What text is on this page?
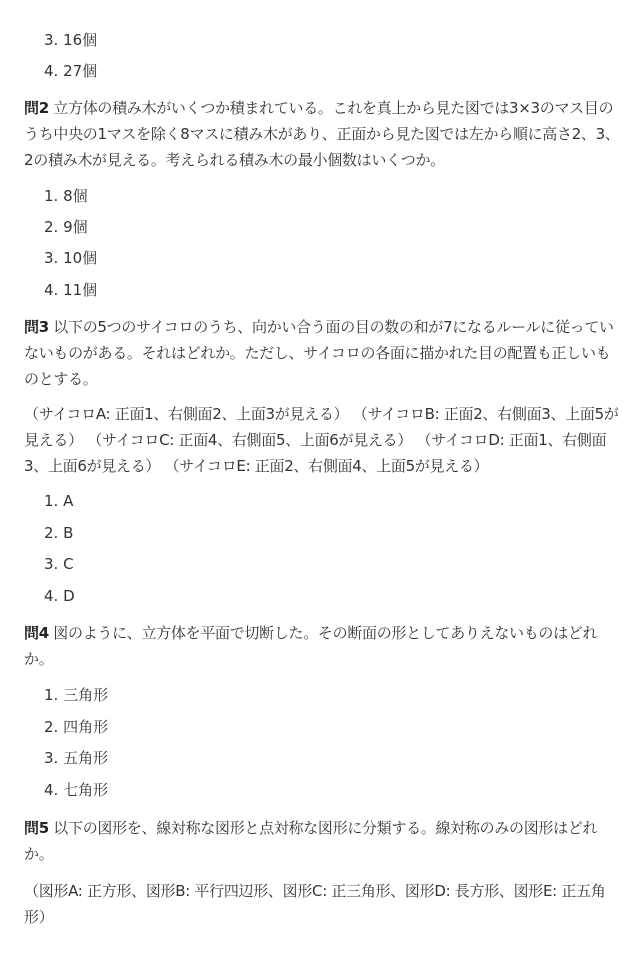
3. 16個

4. 27個

問2 立方体の積み木がいくつか積まれている。これを真上から見た図では3×3のマス目のうち中央の1マスを除く8マスに積み木があり、正面から見た図では左から順に高さ2、3、2の積み木が見える。考えられる積み木の最小個数はいくつか。

1. 8個

2. 9個

3. 10個

4. 11個

問3 以下の5つのサイコロのうち、向かい合う面の目の数の和が7になるルールに従っていないものがある。それはどれか。ただし、サイコロの各面に描かれた目の配置も正しいものとする。

（サイコロA: 正面1、右側面2、上面3が見える） （サイコロB: 正面2、右側面3、上面5が見える） （サイコロC: 正面4、右側面5、上面6が見える） （サイコロD: 正面1、右側面3、上面6が見える） （サイコロE: 正面2、右側面4、上面5が見える）

1. A

2. B

3. C

4. D

問4 図のように、立方体を平面で切断した。その断面の形としてありえないものはどれか。

1. 三角形

2. 四角形

3. 五角形

4. 七角形

問5 以下の図形を、線対称な図形と点対称な図形に分類する。線対称のみの図形はどれか。

（図形A: 正方形、図形B: 平行四辺形、図形C: 正三角形、図形D: 長方形、図形E: 正五角形）
